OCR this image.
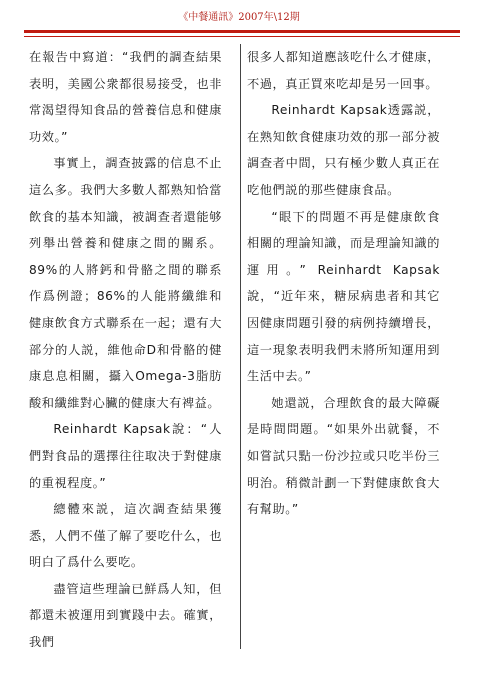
《中餐通訊》2007年\12期

在報告中寫道：“我們的調查結果表明，美國公衆都很易接受，也非常渴望得知食品的營養信息和健康功效。”

事實上，調查披露的信息不止這么多。我們大多數人都熟知恰當飲食的基本知識，被調查者還能够列舉出營養和健康之間的關系。89%的人將鈣和骨骼之間的聯系作爲例證；86%的人能將纖維和健康飲食方式聯系在一起；還有大部分的人説，維他命D和骨骼的健康息息相關，攝入Omega-3脂肪酸和纖維對心臟的健康大有裨益。

Reinhardt Kapsak說：“人們對食品的選擇往往取决于對健康的重視程度。”

總體來説，這次調查結果獲悉，人們不僅了解了要吃什么，也明白了爲什么要吃。

盡管這些理論已鮮爲人知，但都還未被運用到實踐中去。確實，我們

很多人都知道應該吃什么才健康，不過，真正買來吃却是另一回事。

Reinhardt Kapsak透露説，在熟知飲食健康功效的那一部分被調查者中間，只有極少數人真正在吃他們説的那些健康食品。

“眼下的問題不再是健康飲食相關的理論知識，而是理論知識的運用。” Reinhardt Kapsak說，“近年來，糖尿病患者和其它因健康問題引發的病例持續增長，這一現象表明我們未將所知運用到生活中去。”

她還説，合理飲食的最大障礙是時間問題。“如果外出就餐，不如嘗試只點一份沙拉或只吃半份三明治。稍微計劃一下對健康飲食大有幫助。”
